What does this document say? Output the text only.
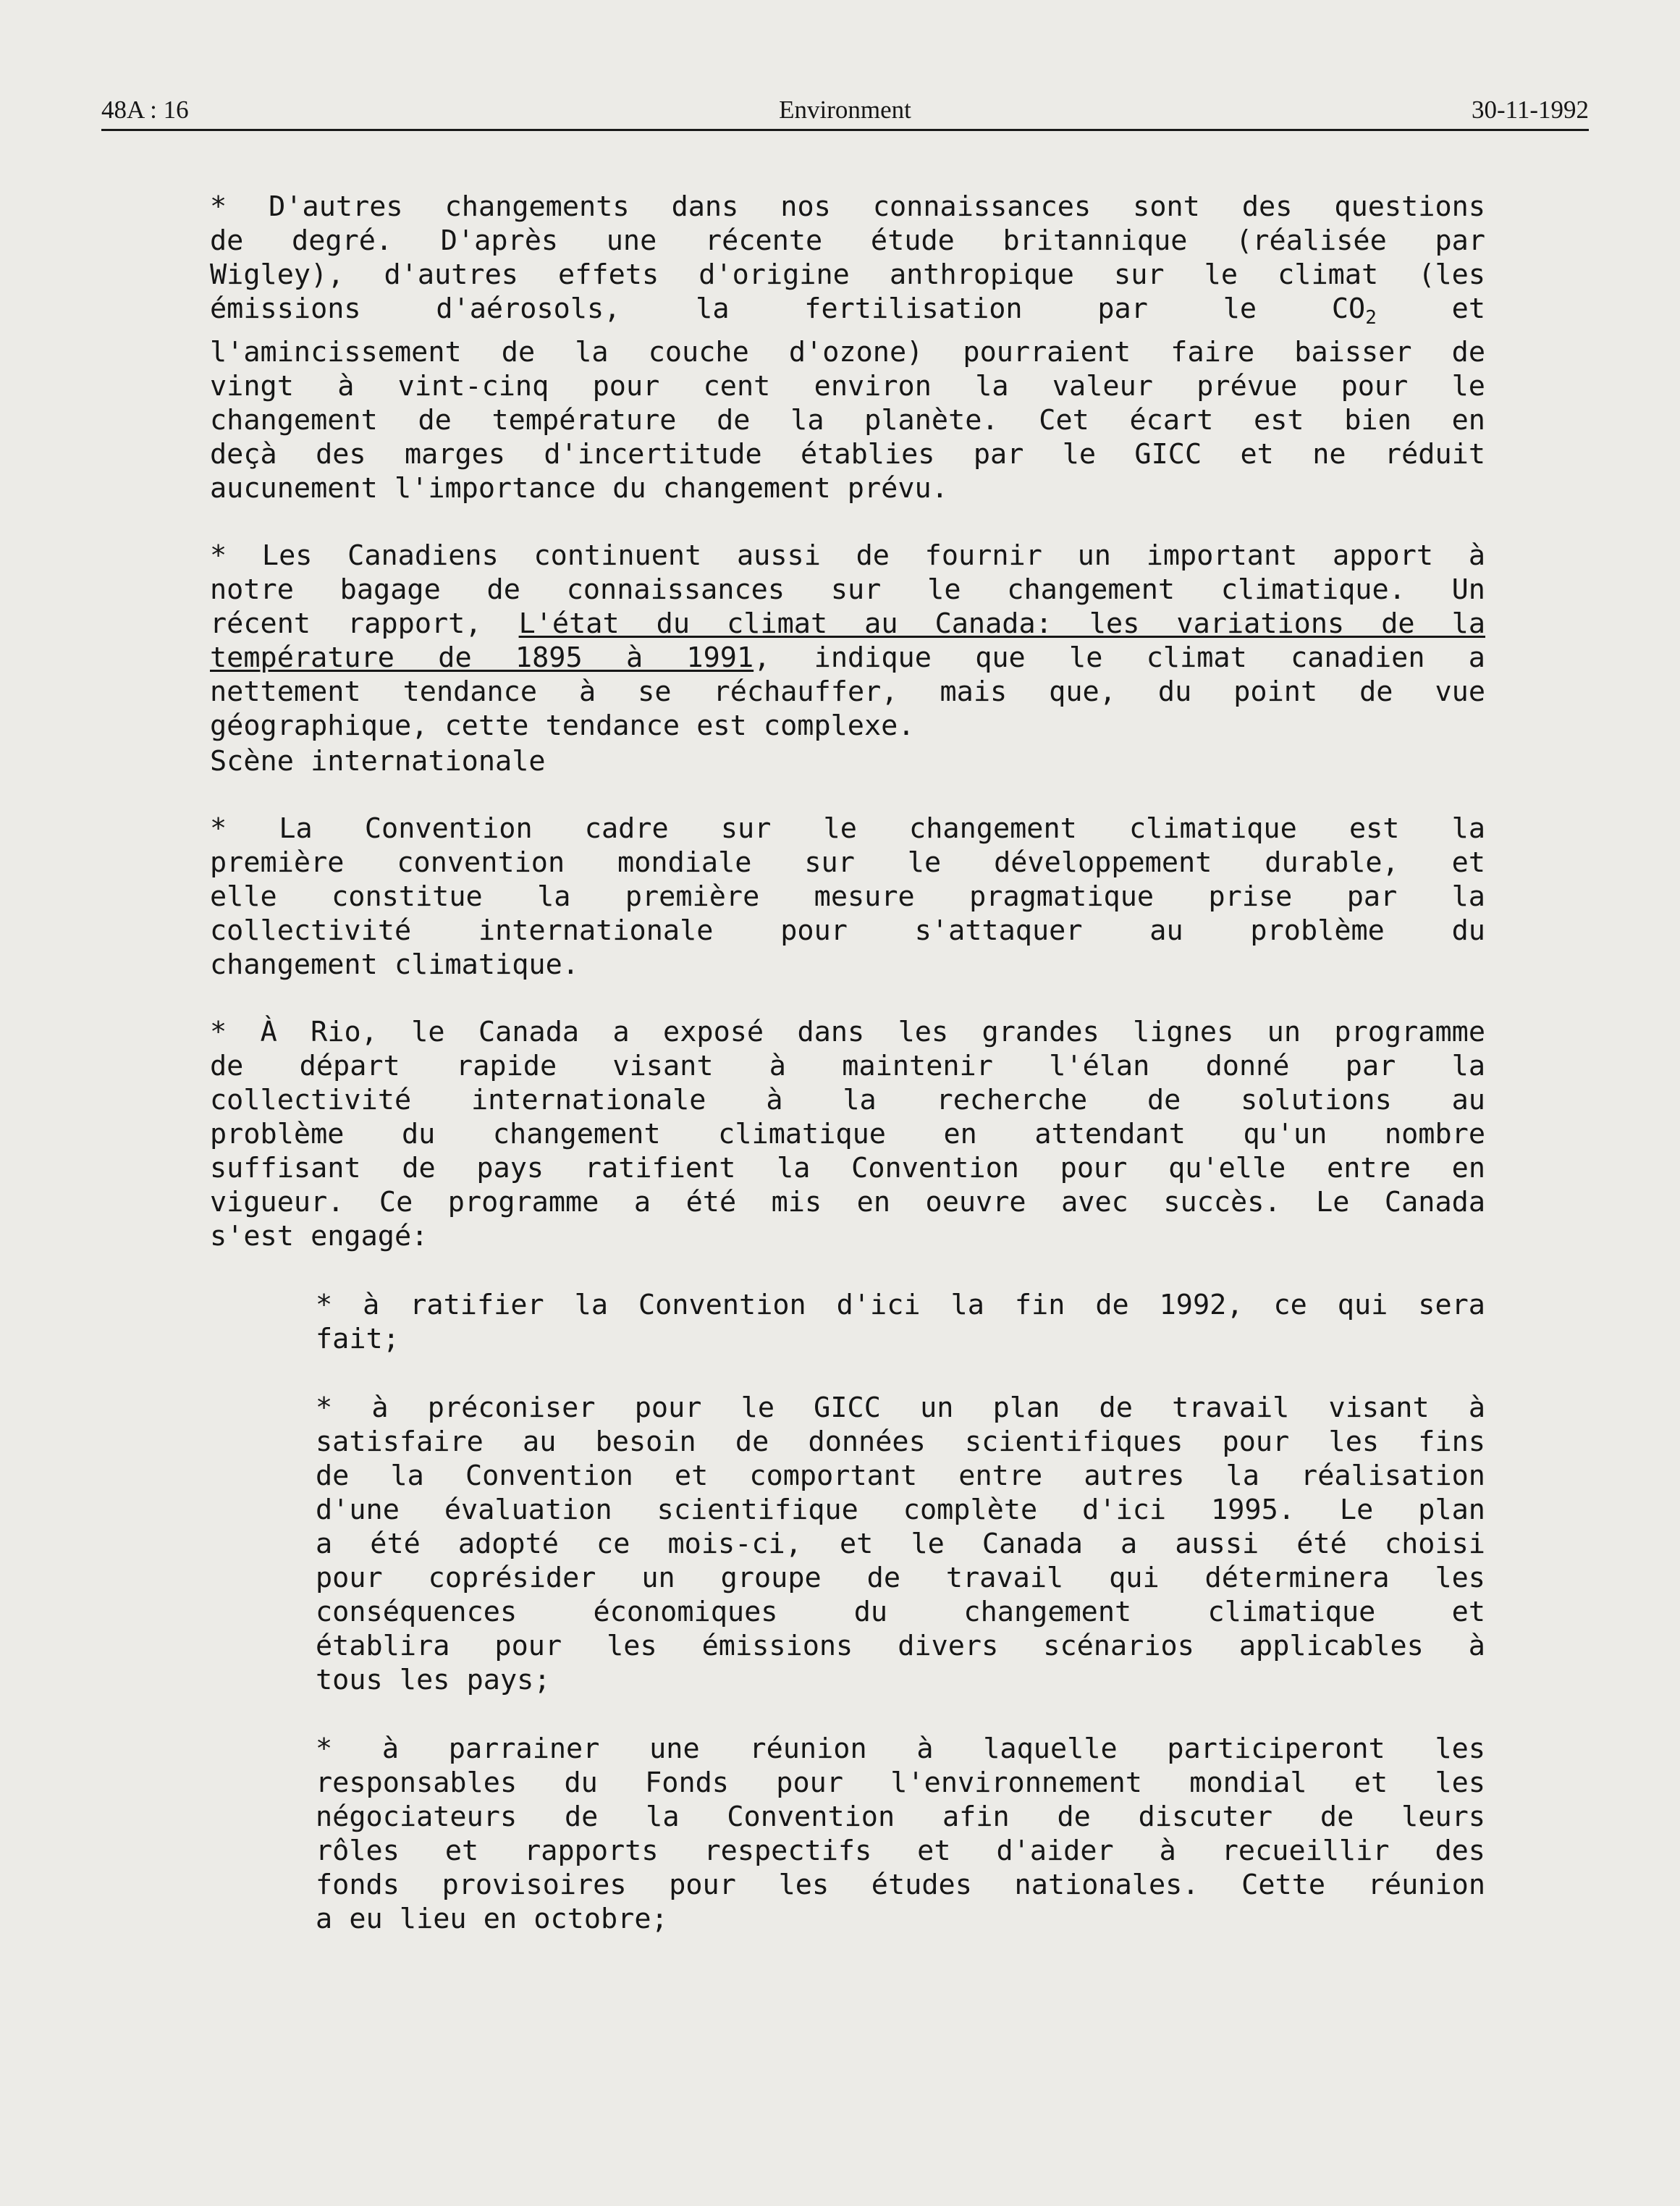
48A : 16	Environment	30-11-1992
* D'autres changements dans nos connaissances sont des questions
de degré. D'après une récente étude britannique (réalisée par
Wigley), d'autres effets d'origine anthropique sur le climat (les
émissions d'aérosols, la fertilisation par le $CO_2$ et
l'amincissement de la couche d'ozone) pourraient faire baisser de
vingt à vint-cinq pour cent environ la valeur prévue pour le
changement de température de la planète. Cet écart est bien en
deçà des marges d'incertitude établies par le GICC et ne réduit
aucunement l'importance du changement prévu.
* Les Canadiens continuent aussi de fournir un important apport à
notre bagage de connaissances sur le changement climatique. Un
récent rapport, L'état du climat au Canada: les variations de la
température de 1895 à 1991, indique que le climat canadien a
nettement tendance à se réchauffer, mais que, du point de vue
géographique, cette tendance est complexe.
Scène internationale
* La Convention cadre sur le changement climatique est la
première convention mondiale sur le développement durable, et
elle constitue la première mesure pragmatique prise par la
collectivité internationale pour s'attaquer au problème du
changement climatique.
* À Rio, le Canada a exposé dans les grandes lignes un programme
de départ rapide visant à maintenir l'élan donné par la
collectivité internationale à la recherche de solutions au
problème du changement climatique en attendant qu'un nombre
suffisant de pays ratifient la Convention pour qu'elle entre en
vigueur. Ce programme a été mis en oeuvre avec succès. Le Canada
s'est engagé:
* à ratifier la Convention d'ici la fin de 1992, ce qui sera
fait;
* à préconiser pour le GICC un plan de travail visant à
satisfaire au besoin de données scientifiques pour les fins
de la Convention et comportant entre autres la réalisation
d'une évaluation scientifique complète d'ici 1995. Le plan
a été adopté ce mois-ci, et le Canada a aussi été choisi
pour coprésider un groupe de travail qui déterminera les
conséquences économiques du changement climatique et
établira pour les émissions divers scénarios applicables à
tous les pays;
* à parrainer une réunion à laquelle participeront les
responsables du Fonds pour l'environnement mondial et les
négociateurs de la Convention afin de discuter de leurs
rôles et rapports respectifs et d'aider à recueillir des
fonds provisoires pour les études nationales. Cette réunion
a eu lieu en octobre;
